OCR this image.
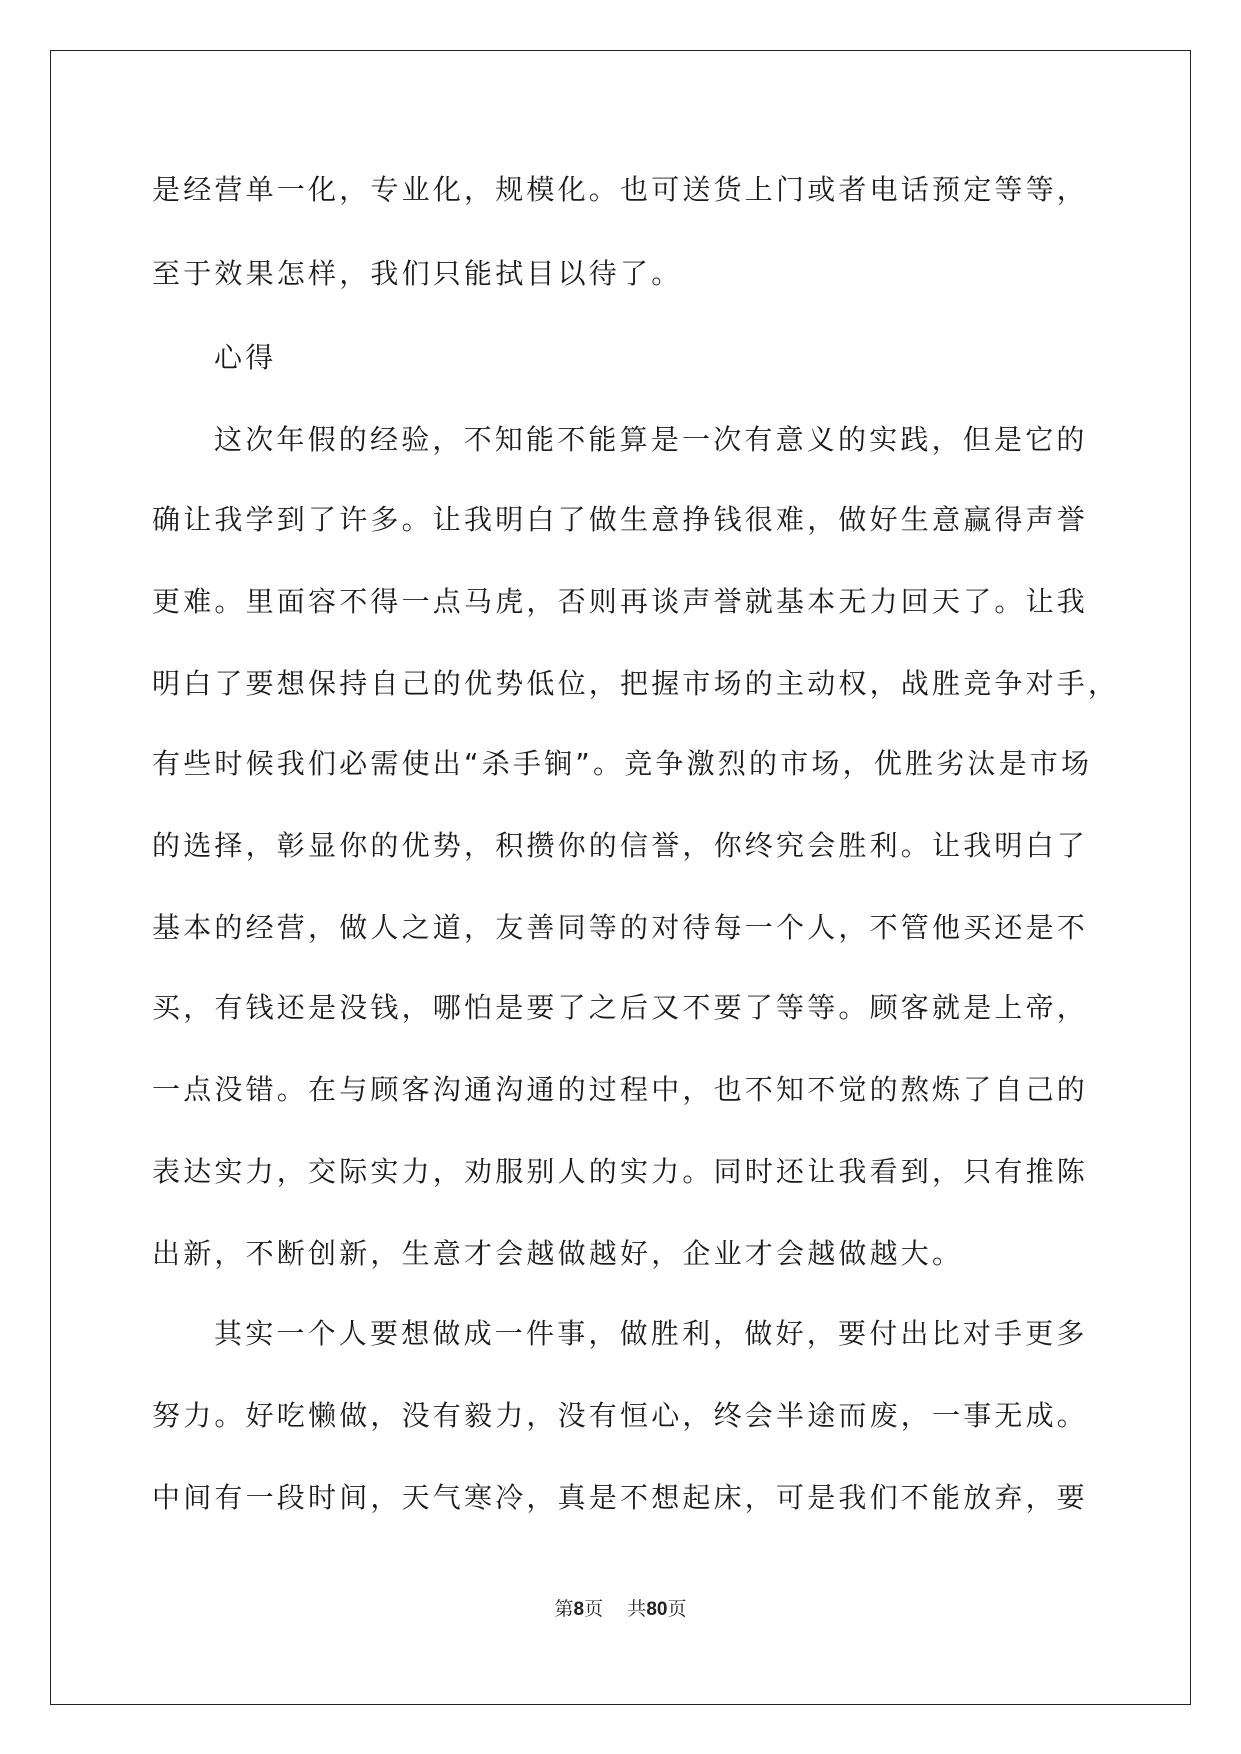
是经营单一化，专业化，规模化。也可送货上门或者电话预定等等，
至于效果怎样，我们只能拭目以待了。
心得
这次年假的经验，不知能不能算是一次有意义的实践，但是它的
确让我学到了许多。让我明白了做生意挣钱很难，做好生意赢得声誉
更难。里面容不得一点马虎，否则再谈声誉就基本无力回天了。让我
明白了要想保持自己的优势低位，把握市场的主动权，战胜竞争对手，
有些时候我们必需使出“杀手锏”。竞争激烈的市场，优胜劣汰是市场
的选择，彰显你的优势，积攒你的信誉，你终究会胜利。让我明白了
基本的经营，做人之道，友善同等的对待每一个人，不管他买还是不
买，有钱还是没钱，哪怕是要了之后又不要了等等。顾客就是上帝，
一点没错。在与顾客沟通沟通的过程中，也不知不觉的熬炼了自己的
表达实力，交际实力，劝服别人的实力。同时还让我看到，只有推陈
出新，不断创新，生意才会越做越好，企业才会越做越大。
其实一个人要想做成一件事，做胜利，做好，要付出比对手更多
努力。好吃懒做，没有毅力，没有恒心，终会半途而废，一事无成。
中间有一段时间，天气寒冷，真是不想起床，可是我们不能放弃，要
第8页 共80页
